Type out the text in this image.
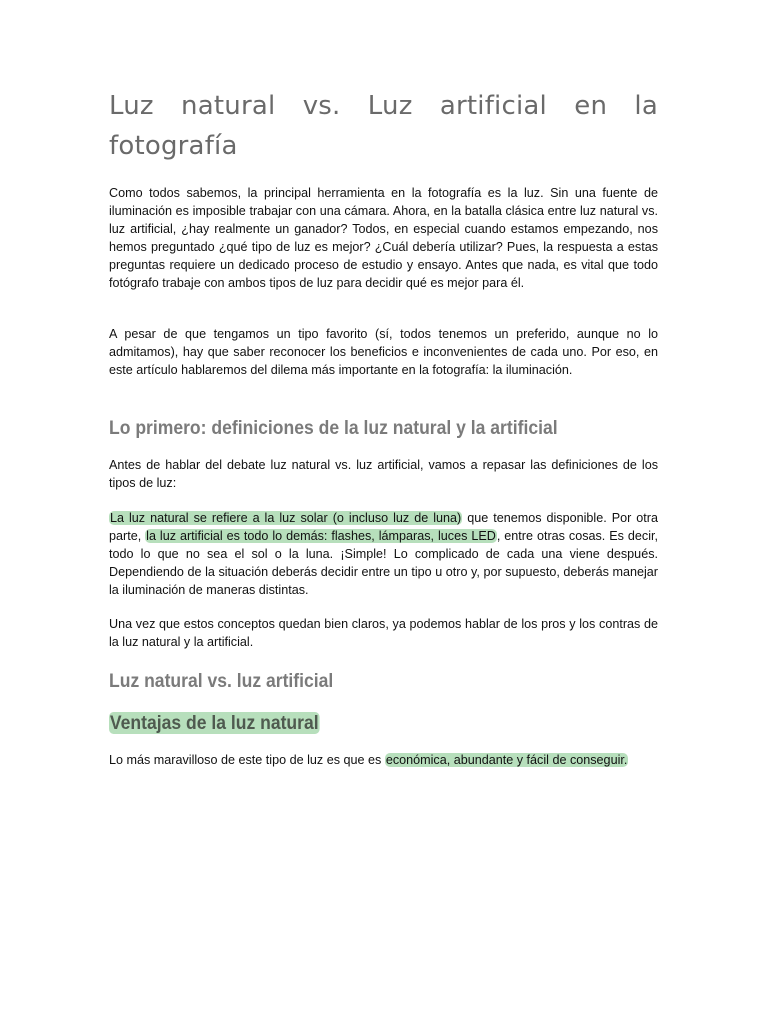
Luz natural vs. Luz artificial en la fotografía

Como todos sabemos, la principal herramienta en la fotografía es la luz. Sin una fuente de iluminación es imposible trabajar con una cámara. Ahora, en la batalla clásica entre luz natural vs. luz artificial, ¿hay realmente un ganador? Todos, en especial cuando estamos empezando, nos hemos preguntado ¿qué tipo de luz es mejor? ¿Cuál debería utilizar? Pues, la respuesta a estas preguntas requiere un dedicado proceso de estudio y ensayo. Antes que nada, es vital que todo fotógrafo trabaje con ambos tipos de luz para decidir qué es mejor para él.

A pesar de que tengamos un tipo favorito (sí, todos tenemos un preferido, aunque no lo admitamos), hay que saber reconocer los beneficios e inconvenientes de cada uno. Por eso, en este artículo hablaremos del dilema más importante en la fotografía: la iluminación.

Lo primero: definiciones de la luz natural y la artificial

Antes de hablar del debate luz natural vs. luz artificial, vamos a repasar las definiciones de los tipos de luz:

La luz natural se refiere a la luz solar (o incluso luz de luna) que tenemos disponible. Por otra parte, la luz artificial es todo lo demás: flashes, lámparas, luces LED, entre otras cosas. Es decir, todo lo que no sea el sol o la luna. ¡Simple! Lo complicado de cada una viene después. Dependiendo de la situación deberás decidir entre un tipo u otro y, por supuesto, deberás manejar la iluminación de maneras distintas.

Una vez que estos conceptos quedan bien claros, ya podemos hablar de los pros y los contras de la luz natural y la artificial.

Luz natural vs. luz artificial
Ventajas de la luz natural

Lo más maravilloso de este tipo de luz es que es económica, abundante y fácil de conseguir.
